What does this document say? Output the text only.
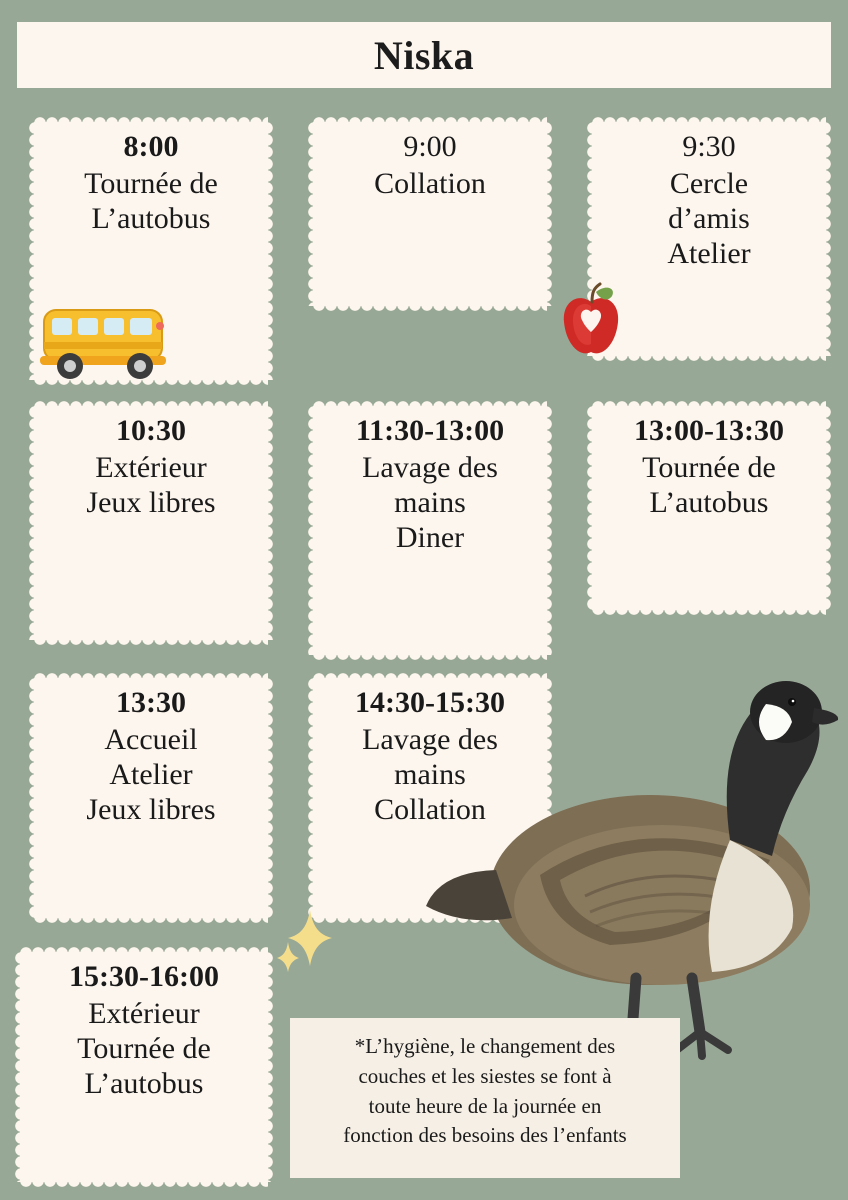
Niska
8:00
Tournée de
L’autobus
9:00
Collation
9:30
Cercle
d’amis
Atelier
10:30
Extérieur
Jeux libres
11:30-13:00
Lavage des
mains
Diner
13:00-13:30
Tournée de
L’autobus
13:30
Accueil
Atelier
Jeux libres
14:30-15:30
Lavage des
mains
Collation
15:30-16:00
Extérieur
Tournée de
L’autobus
*L’hygiène, le changement des
couches et les siestes se font à
toute heure de la journée en
fonction des besoins des l’enfants
